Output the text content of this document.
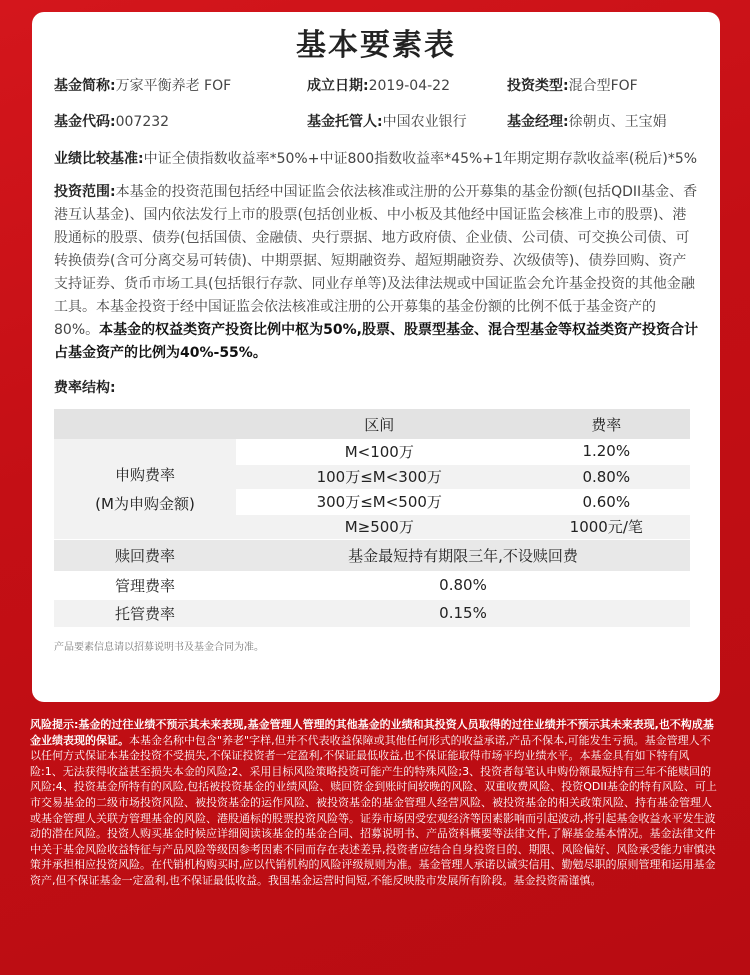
基本要素表
基金简称:万家平衡养老 FOF	成立日期:2019-04-22	投资类型:混合型FOF
基金代码:007232	基金托管人:中国农业银行	基金经理:徐朝贞、王宝娟
业绩比较基准:中证全债指数收益率*50%+中证800指数收益率*45%+1年期定期存款收益率(税后)*5%
投资范围:本基金的投资范围包括经中国证监会依法核准或注册的公开募集的基金份额(包括QDII基金、香港互认基金)、国内依法发行上市的股票(包括创业板、中小板及其他经中国证监会核准上市的股票)、港股通标的股票、债券(包括国债、金融债、央行票据、地方政府债、企业债、公司债、可交换公司债、可转换债券(含可分离交易可转债)、中期票据、短期融资券、超短期融资券、次级债等)、债券回购、资产支持证券、货币市场工具(包括银行存款、同业存单等)及法律法规或中国证监会允许基金投资的其他金融工具。本基金投资于经中国证监会依法核准或注册的公开募集的基金份额的比例不低于基金资产的80%。本基金的权益类资产投资比例中枢为50%,股票、股票型基金、混合型基金等权益类资产投资合计占基金资产的比例为40%-55%。
费率结构:
	区间	费率

申购费率
(M为申购金额)	M<100万	1.20%
	100万≤M<300万	0.80%
	300万≤M<500万	0.60%
	M≥500万	1000元/笔
赎回费率	基金最短持有期限三年,不设赎回费	
管理费率	0.80%	
托管费率	0.15%	
产品要素信息请以招募说明书及基金合同为准。
风险提示:基金的过往业绩不预示其未来表现,基金管理人管理的其他基金的业绩和其投资人员取得的过往业绩并不预示其未来表现,也不构成基金业绩表现的保证。本基金名称中包含"养老"字样,但并不代表收益保障或其他任何形式的收益承诺,产品不保本,可能发生亏损。基金管理人不以任何方式保证本基金投资不受损失,不保证投资者一定盈利,不保证最低收益,也不保证能取得市场平均业绩水平。本基金具有如下特有风险:1、无法获得收益甚至损失本金的风险;2、采用目标风险策略投资可能产生的特殊风险;3、投资者每笔认申购份额最短持有三年不能赎回的风险;4、投资基金所特有的风险,包括被投资基金的业绩风险、赎回资金到账时间较晚的风险、双重收费风险、投资QDII基金的特有风险、可上市交易基金的二级市场投资风险、被投资基金的运作风险、被投资基金的基金管理人经营风险、被投资基金的相关政策风险、持有基金管理人或基金管理人关联方管理基金的风险、港股通标的股票投资风险等。证券市场因受宏观经济等因素影响而引起波动,将引起基金收益水平发生波动的潜在风险。投资人购买基金时候应详细阅读该基金的基金合同、招募说明书、产品资料概要等法律文件,了解基金基本情况。基金法律文件中关于基金风险收益特征与产品风险等级因参考因素不同而存在表述差异,投资者应结合自身投资目的、期限、风险偏好、风险承受能力审慎决策并承担相应投资风险。在代销机构购买时,应以代销机构的风险评级规则为准。基金管理人承诺以诚实信用、勤勉尽职的原则管理和运用基金资产,但不保证基金一定盈利,也不保证最低收益。我国基金运营时间短,不能反映股市发展所有阶段。基金投资需谨慎。
